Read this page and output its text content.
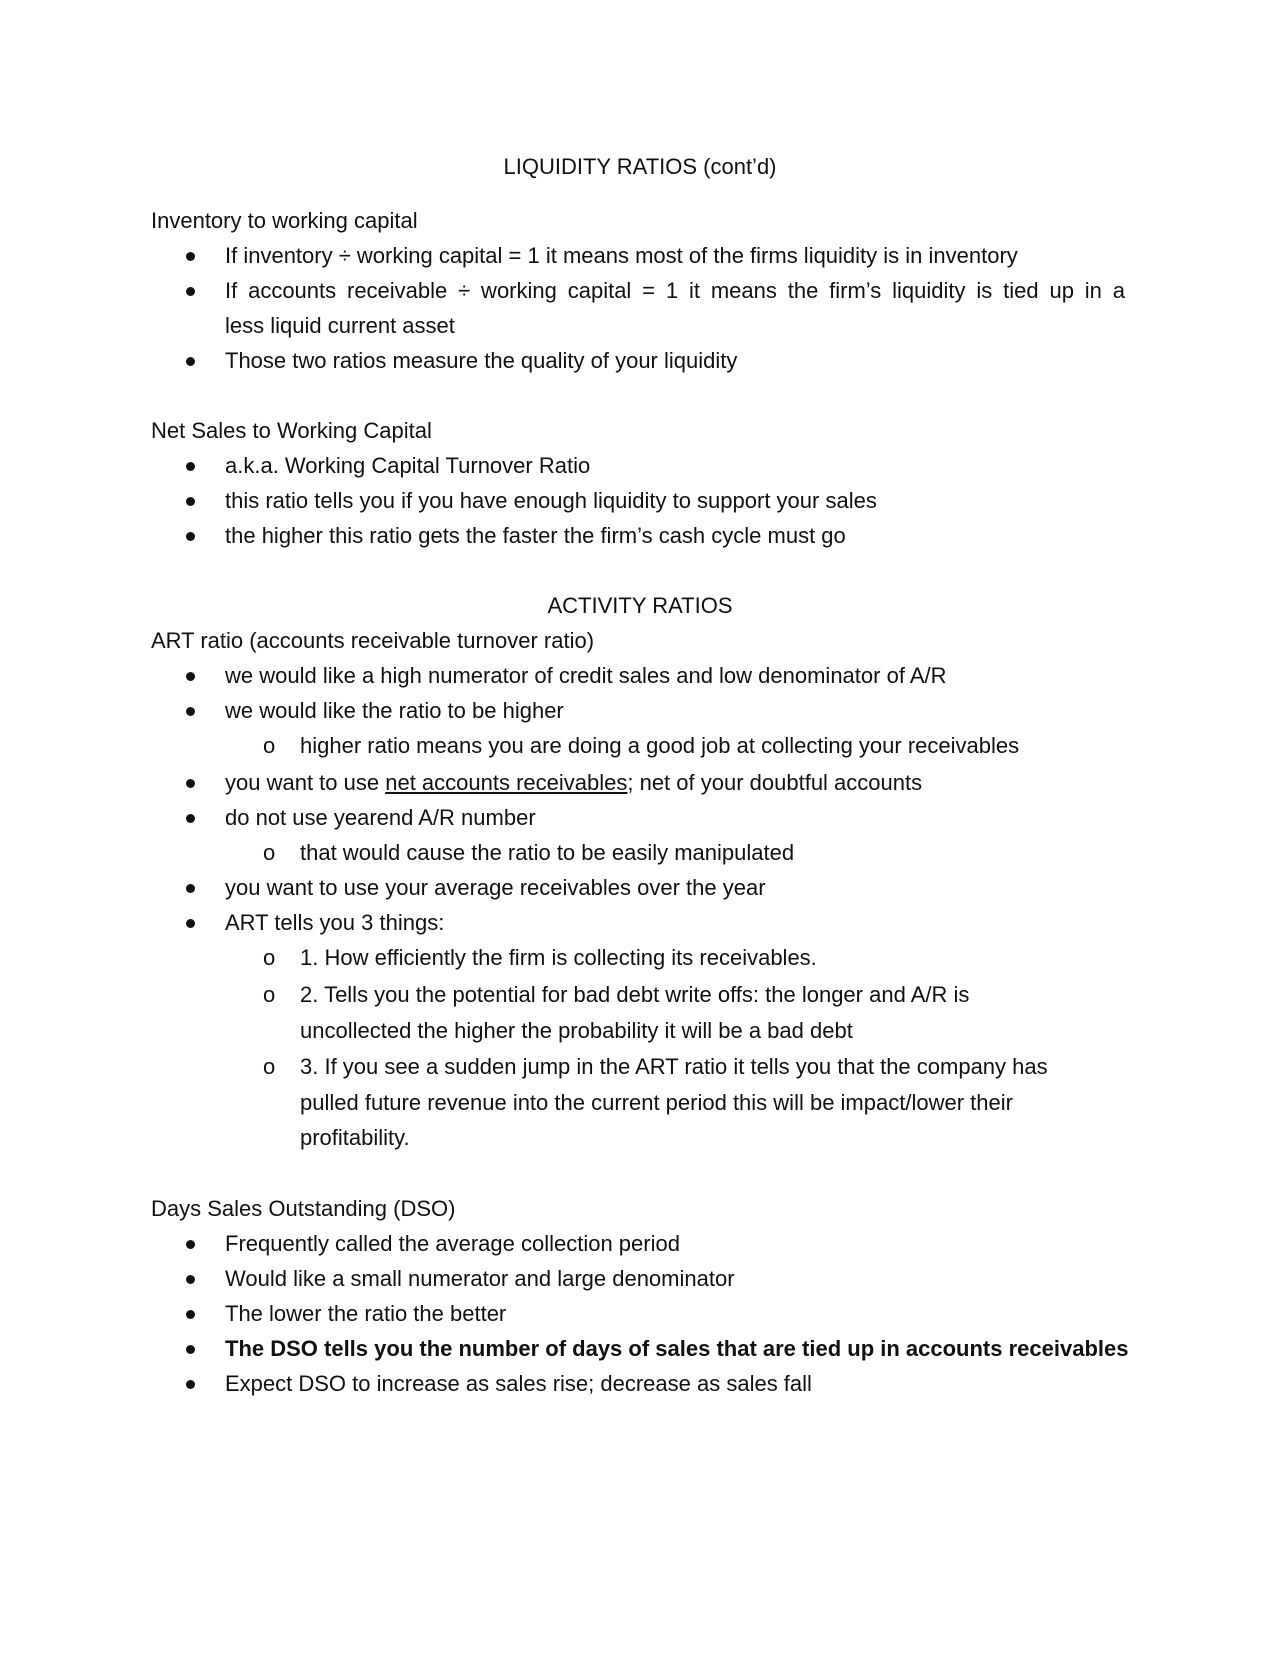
LIQUIDITY RATIOS (cont’d)
Inventory to working capital
If inventory ÷ working capital = 1 it means most of the firms liquidity is in inventory
If accounts receivable ÷ working capital = 1 it means the firm’s liquidity is tied up in a
less liquid current asset
Those two ratios measure the quality of your liquidity
Net Sales to Working Capital
a.k.a. Working Capital Turnover Ratio
this ratio tells you if you have enough liquidity to support your sales
the higher this ratio gets the faster the firm’s cash cycle must go
ACTIVITY RATIOS
ART ratio (accounts receivable turnover ratio)
we would like a high numerator of credit sales and low denominator of A/R
we would like the ratio to be higher
o higher ratio means you are doing a good job at collecting your receivables
you want to use net accounts receivables; net of your doubtful accounts
do not use yearend A/R number
o that would cause the ratio to be easily manipulated
you want to use your average receivables over the year
ART tells you 3 things:
o 1. How efficiently the firm is collecting its receivables.
o 2. Tells you the potential for bad debt write offs: the longer and A/R is
uncollected the higher the probability it will be a bad debt
o 3. If you see a sudden jump in the ART ratio it tells you that the company has
pulled future revenue into the current period this will be impact/lower their
profitability.
Days Sales Outstanding (DSO)
Frequently called the average collection period
Would like a small numerator and large denominator
The lower the ratio the better
The DSO tells you the number of days of sales that are tied up in accounts receivables
Expect DSO to increase as sales rise; decrease as sales fall
